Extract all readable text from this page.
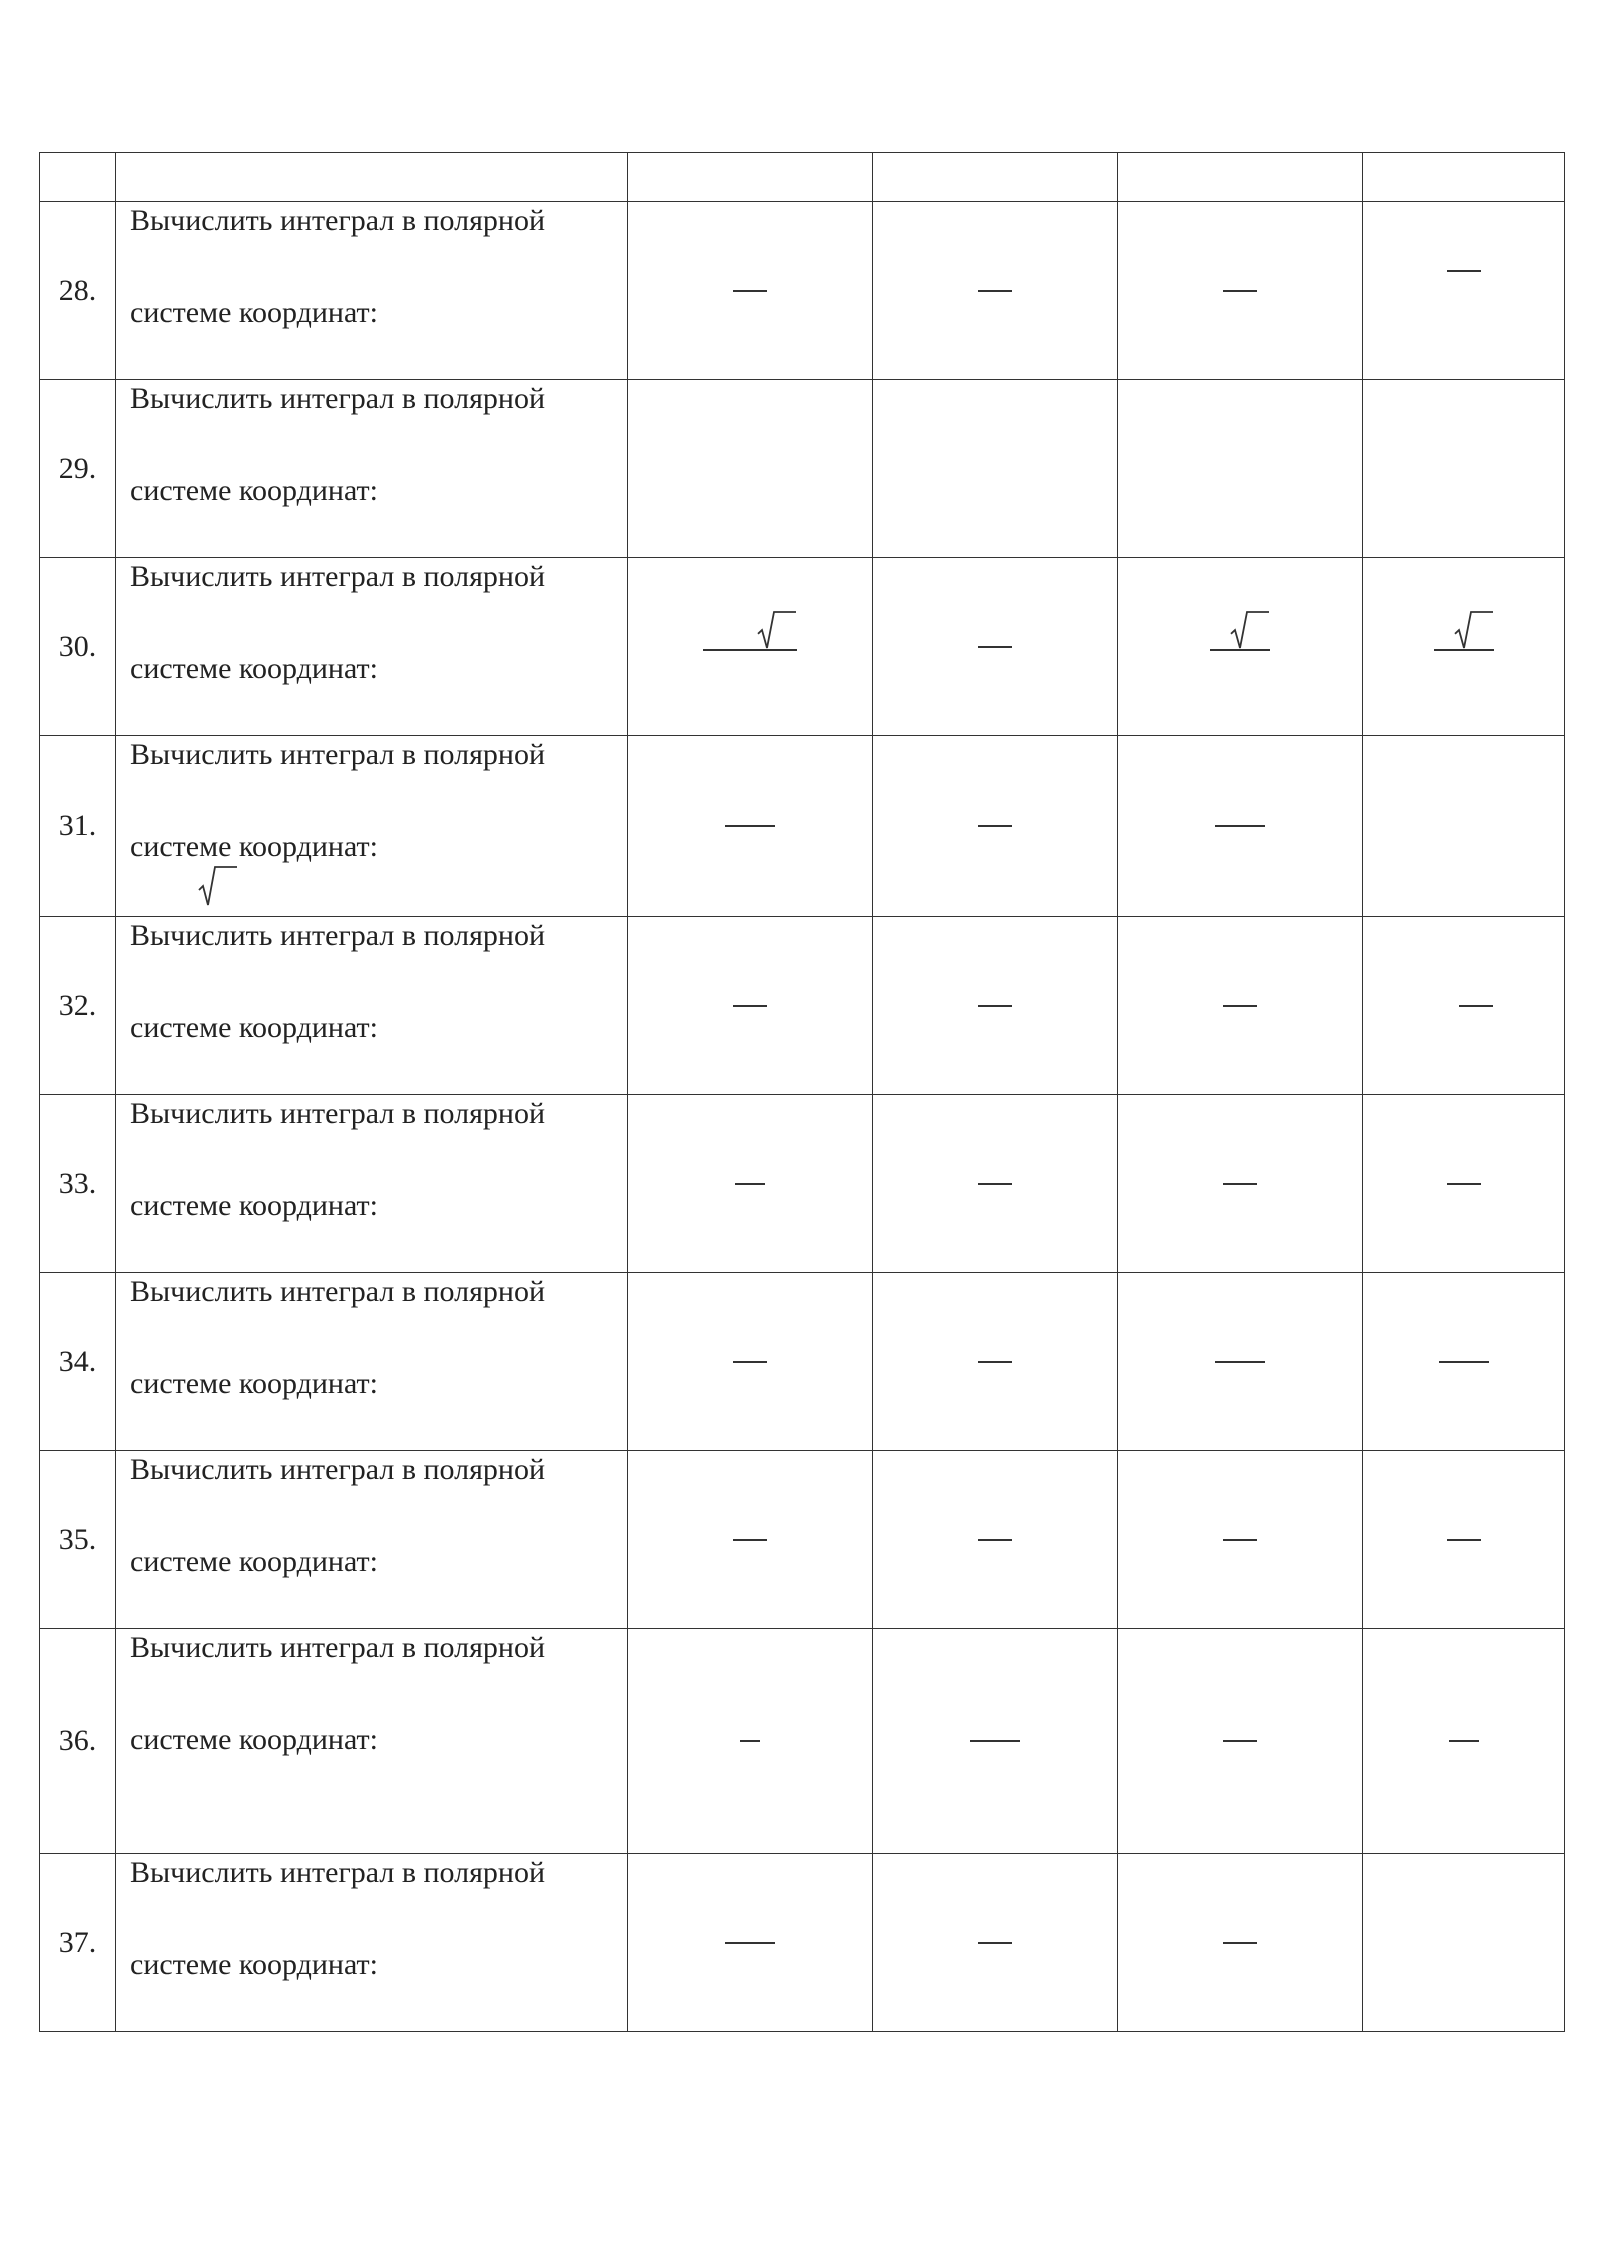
28.	Вычислить интеграл в полярной
системе координат:				

29.	Вычислить интеграл в полярной
системе координат:				

30.	Вычислить интеграл в полярной
системе координат:

31.	Вычислить интеграл в полярной
системе координат:				

32.	Вычислить интеграл в полярной
системе координат:				

33.	Вычислить интеграл в полярной
системе координат:				

34.	Вычислить интеграл в полярной
системе координат:				

35.	Вычислить интеграл в полярной
системе координат:				

36.	Вычислить интеграл в полярной
системе координат:				

37.	Вычислить интеграл в полярной
системе координат:				
